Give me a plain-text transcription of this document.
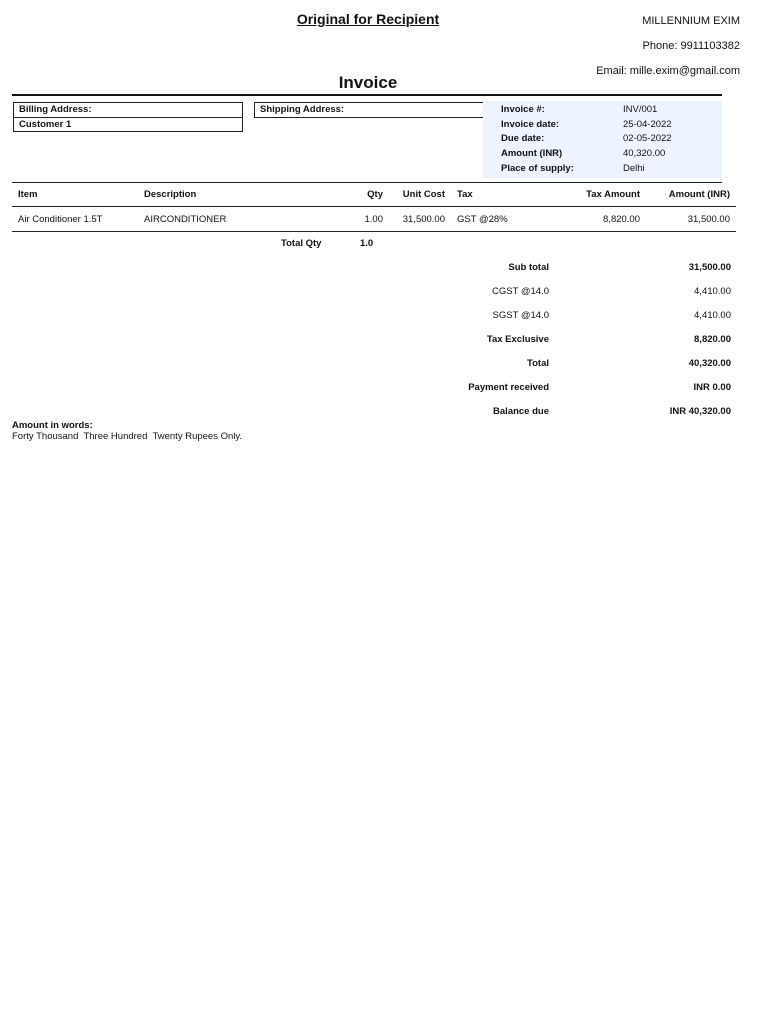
Original for Recipient	MILLENNIUM EXIM
Phone: 9911103382
Email: mille.exim@gmail.com
Invoice
Billing Address:
Customer 1
Shipping Address:	Invoice #:	INV/001
Invoice date:	25-04-2022
Due date:	02-05-2022
Amount (INR)	40,320.00
Place of supply:	Delhi
Item	Description	Qty	Unit Cost	Tax	Tax Amount	Amount (INR)
Air Conditioner 1.5T	AIRCONDITIONER	1.00	31,500.00	GST @28%	8,820.00	31,500.00
Total Qty	1.0
Sub total	31,500.00
CGST @14.0	4,410.00
SGST @14.0	4,410.00
Tax Exclusive	8,820.00
Total	40,320.00
Payment received	INR 0.00
Balance due	INR 40,320.00
Amount in words:
Forty Thousand  Three Hundred  Twenty Rupees Only.
